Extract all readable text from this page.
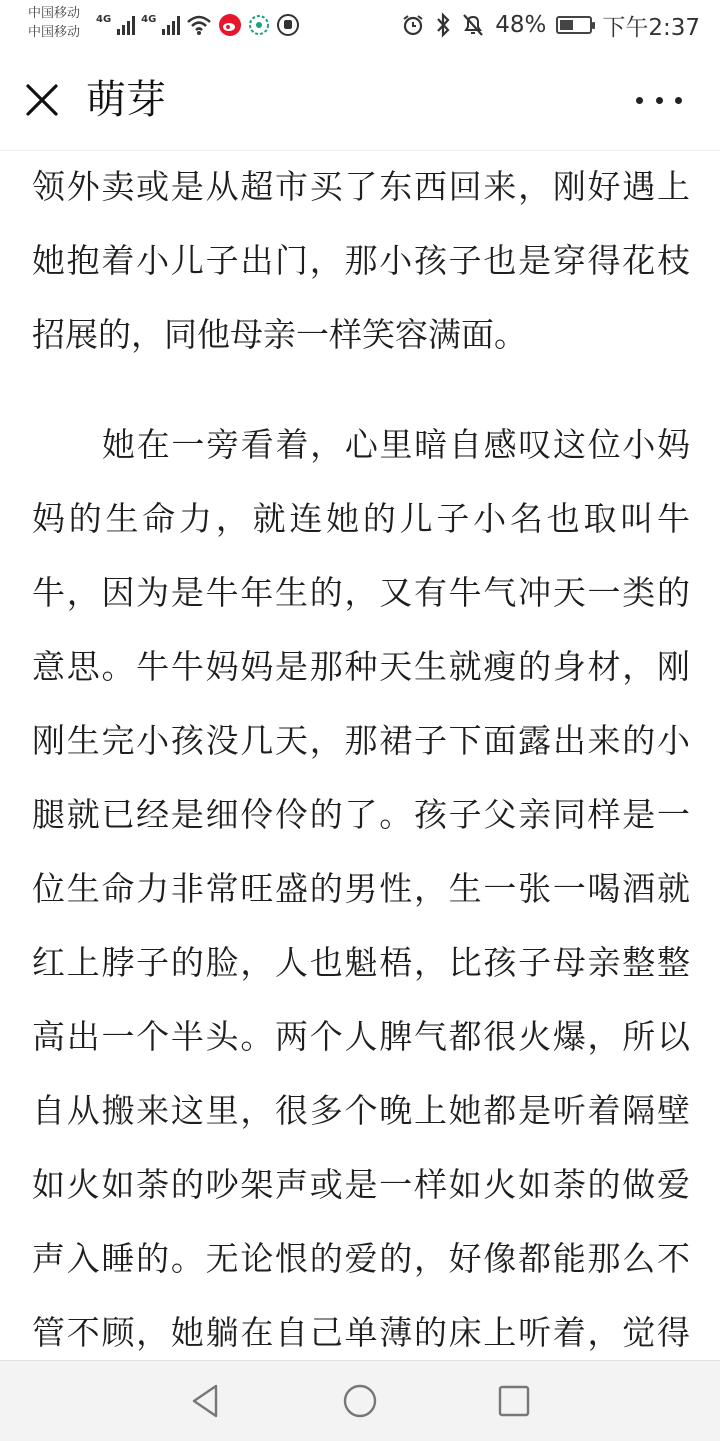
中国移动
中国移动
4G	4G	48% 下午2:37
萌芽
领外卖或是从超市买了东西回来，刚好遇上
她抱着小儿子出门，那小孩子也是穿得花枝
招展的，同他母亲一样笑容满面。
她在一旁看着，心里暗自感叹这位小妈
妈的生命力，就连她的儿子小名也取叫牛
牛，因为是牛年生的，又有牛气冲天一类的
意思。牛牛妈妈是那种天生就瘦的身材，刚
刚生完小孩没几天，那裙子下面露出来的小
腿就已经是细伶伶的了。孩子父亲同样是一
位生命力非常旺盛的男性，生一张一喝酒就
红上脖子的脸，人也魁梧，比孩子母亲整整
高出一个半头。两个人脾气都很火爆，所以
自从搬来这里，很多个晚上她都是听着隔壁
如火如荼的吵架声或是一样如火如荼的做爱
声入睡的。无论恨的爱的，好像都能那么不
管不顾，她躺在自己单薄的床上听着，觉得
